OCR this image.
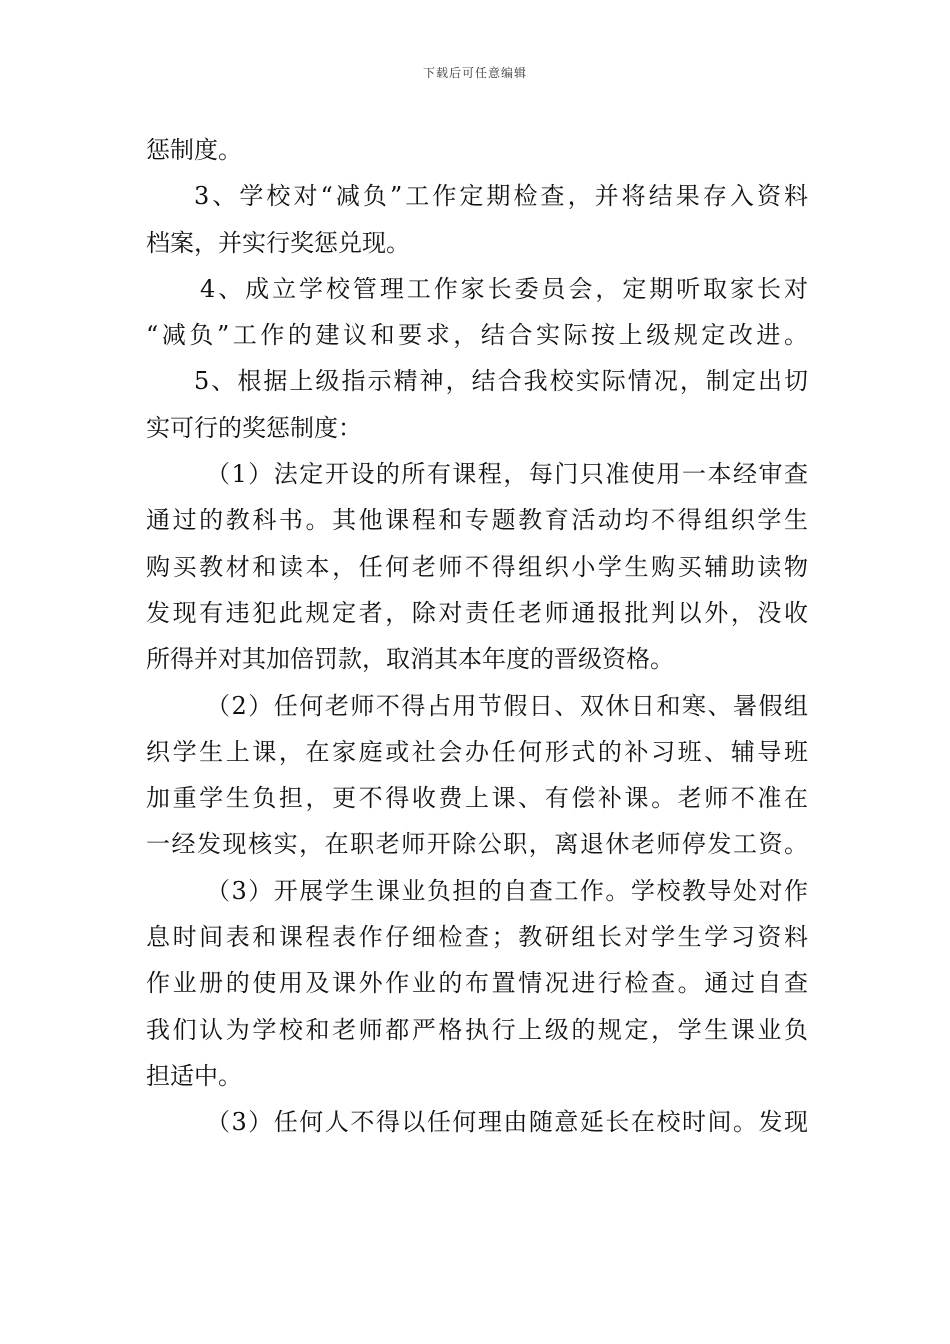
下载后可任意编辑
惩制度。
3、学校对“减负”工作定期检查，并将结果存入资料
档案，并实行奖惩兑现。
4、成立学校管理工作家长委员会，定期听取家长对
“减负”工作的建议和要求，结合实际按上级规定改进。
5、根据上级指示精神，结合我校实际情况，制定出切
实可行的奖惩制度：
（1）法定开设的所有课程，每门只准使用一本经审查
通过的教科书。其他课程和专题教育活动均不得组织学生
购买教材和读本，任何老师不得组织小学生购买辅助读物
发现有违犯此规定者，除对责任老师通报批判以外，没收
所得并对其加倍罚款，取消其本年度的晋级资格。
（2）任何老师不得占用节假日、双休日和寒、暑假组
织学生上课，在家庭或社会办任何形式的补习班、辅导班
加重学生负担，更不得收费上课、有偿补课。老师不准在
一经发现核实，在职老师开除公职，离退休老师停发工资。
（3）开展学生课业负担的自查工作。学校教导处对作
息时间表和课程表作仔细检查；教研组长对学生学习资料
作业册的使用及课外作业的布置情况进行检查。通过自查
我们认为学校和老师都严格执行上级的规定，学生课业负
担适中。
（3）任何人不得以任何理由随意延长在校时间。发现
